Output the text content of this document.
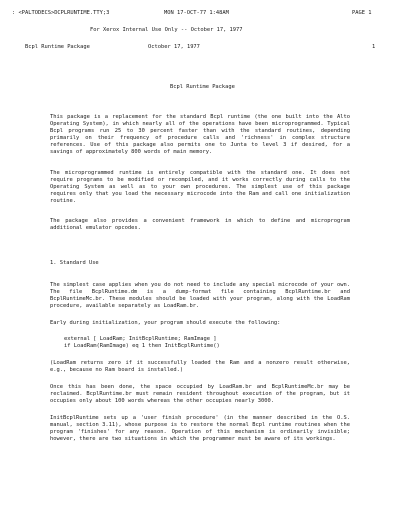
: <PALTODECS>DCPLRUNTIME.TTY;3	MON 17-OCT-77 1:48AM	PAGE 1
For Xerox Internal Use Only -- October 17, 1977
Bcpl Runtime Package	October 17, 1977	1
Bcpl Runtime Package
This package is a replacement for the standard Bcpl runtime (the one built into the Alto Operating System), in which nearly all of the operations have been microprogrammed. Typical Bcpl programs run 25 to 30 percent faster than with the standard routines, depending primarily on their frequency of procedure calls and 'richness' in complex structure references. Use of this package also permits one to Junta to level 3 if desired, for a savings of approximately 800 words of main memory.
The microprogrammed runtime is entirely compatible with the standard one. It does not require programs to be modified or recompiled, and it works correctly during calls to the Operating System as well as to your own procedures. The simplest use of this package requires only that you load the necessary microcode into the Ram and call one initialization routine.
The package also provides a convenient framework in which to define and microprogram additional emulator opcodes.
1. Standard Use
The simplest case applies when you do not need to include any special microcode of your own. The file BcplRuntime.dm is a dump-format file containing BcplRuntime.br and BcplRuntimeMc.br. These modules should be loaded with your program, along with the LoadRam procedure, available separately as LoadRam.br.
Early during initialization, your program should execute the following:
external [ LoadRam; InitBcplRuntime; RamImage ]
if LoadRam(RamImage) eq 1 then InitBcplRuntime()
(LoadRam returns zero if it successfully loaded the Ram and a nonzero result otherwise, e.g., because no Ram board is installed.)
Once this has been done, the space occupied by LoadRam.br and BcplRuntimeMc.br may be reclaimed. BcplRuntime.br must remain resident throughout execution of the program, but it occupies only about 100 words whereas the other occupies nearly 3000.
InitBcplRuntime sets up a 'user finish procedure' (in the manner described in the O.S. manual, section 3.11), whose purpose is to restore the normal Bcpl runtime routines when the program 'finishes' for any reason. Operation of this mechanism is ordinarily invisible; however, there are two situations in which the programmer must be aware of its workings.
